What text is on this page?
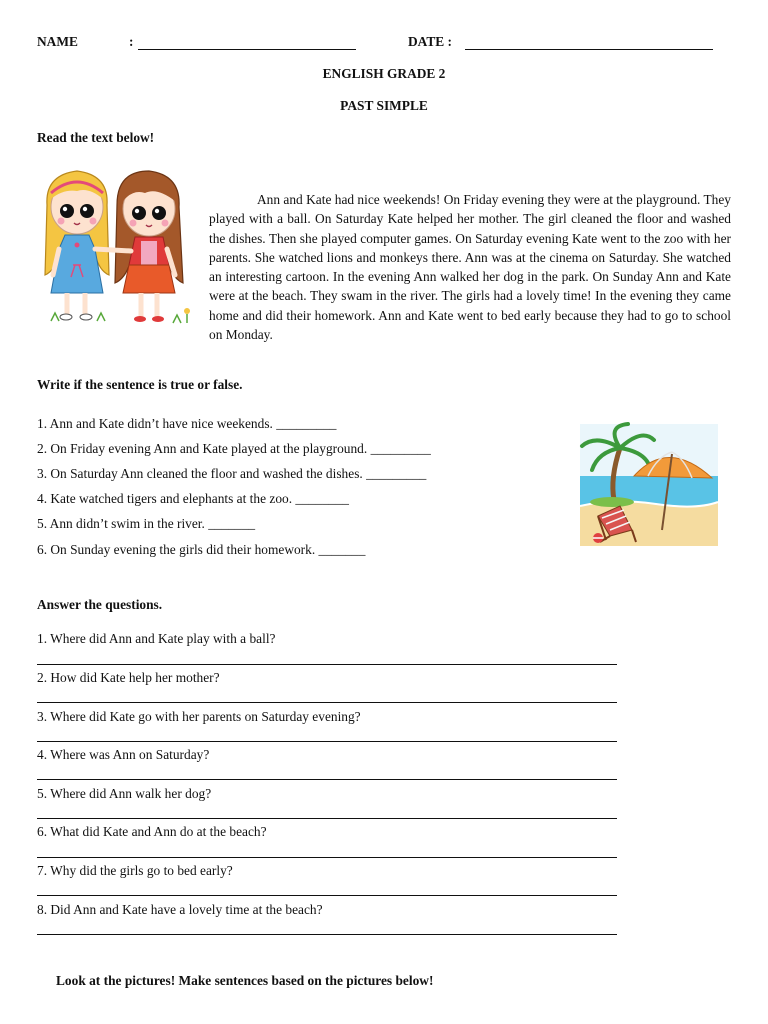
NAME	:	DATE :
ENGLISH GRADE 2
PAST SIMPLE
Read the text below!
Ann and Kate had nice weekends! On Friday evening they were at the playground. They played with a ball. On Saturday Kate helped her mother. The girl cleaned the floor and washed the dishes. Then she played computer games. On Saturday evening Kate went to the zoo with her parents. She watched lions and monkeys there. Ann was at the cinema on Saturday. She watched an interesting cartoon. In the evening Ann walked her dog in the park. On Sunday Ann and Kate were at the beach. They swam in the river. The girls had a lovely time! In the evening they came home and did their homework. Ann and Kate went to bed early because they had to go to school on Monday.
Write if the sentence is true or false.
1. Ann and Kate didn’t have nice weekends. _________
2. On Friday evening Ann and Kate played at the playground. _________
3. On Saturday Ann cleaned the floor and washed the dishes. _________
4. Kate watched tigers and elephants at the zoo. ________
5. Ann didn’t swim in the river. _______
6. On Sunday evening the girls did their homework. _______
Answer the questions.
1. Where did Ann and Kate play with a ball?
2. How did Kate help her mother?
3. Where did Kate go with her parents on Saturday evening?
4. Where was Ann on Saturday?
5. Where did Ann walk her dog?
6. What did Kate and Ann do at the beach?
7. Why did the girls go to bed early?
8. Did Ann and Kate have a lovely time at the beach?
Look at the pictures! Make sentences based on the pictures below!
